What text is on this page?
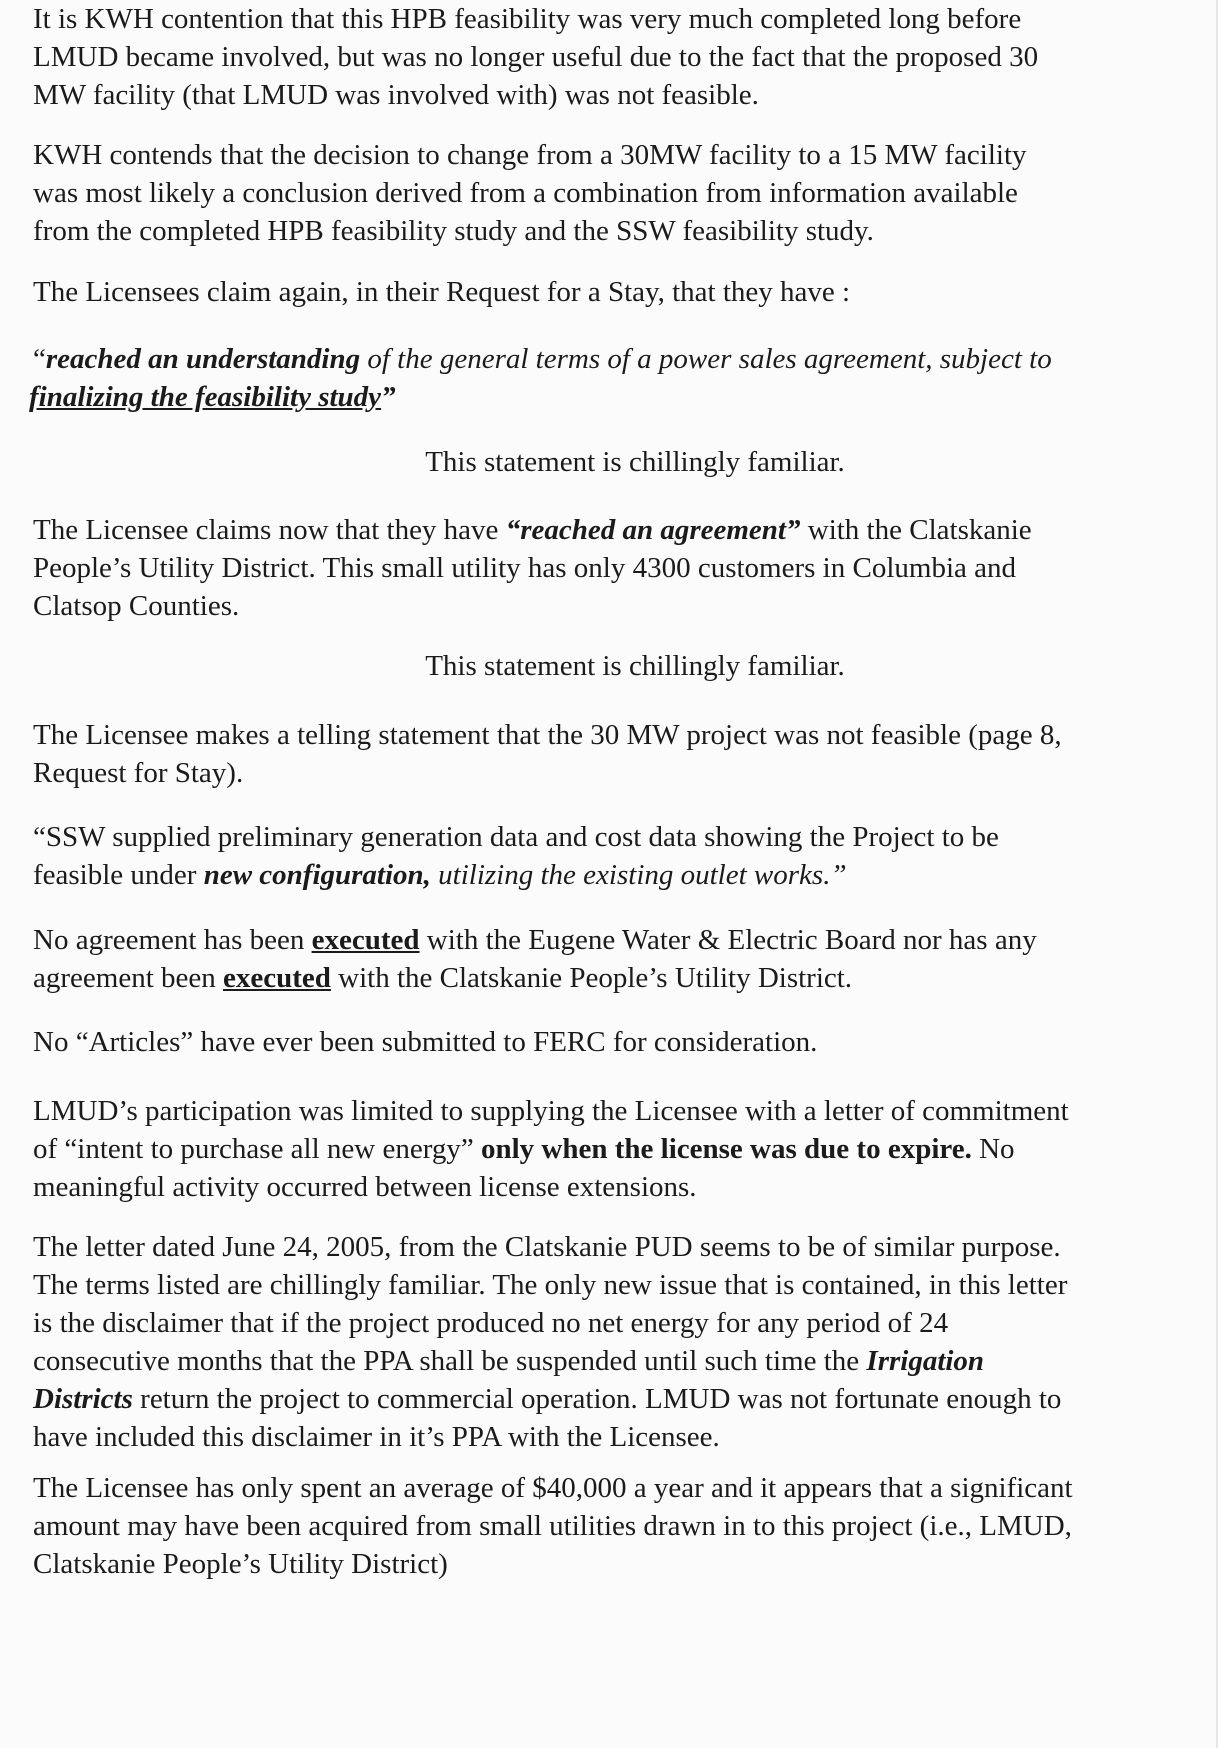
It is KWH contention that this HPB feasibility was very much completed long before
LMUD became involved, but was no longer useful due to the fact that the proposed 30
MW facility (that LMUD was involved with) was not feasible.
KWH contends that the decision to change from a 30MW facility to a 15 MW facility
was most likely a conclusion derived from a combination from information available
from the completed HPB feasibility study and the SSW feasibility study.
The Licensees claim again, in their Request for a Stay, that they have :
“reached an understanding of the general terms of a power sales agreement, subject to
finalizing the feasibility study”
This statement is chillingly familiar.
The Licensee claims now that they have “reached an agreement” with the Clatskanie
People’s Utility District. This small utility has only 4300 customers in Columbia and
Clatsop Counties.
This statement is chillingly familiar.
The Licensee makes a telling statement that the 30 MW project was not feasible (page 8,
Request for Stay).
“SSW supplied preliminary generation data and cost data showing the Project to be
feasible under new configuration, utilizing the existing outlet works.”
No agreement has been executed with the Eugene Water & Electric Board nor has any
agreement been executed with the Clatskanie People’s Utility District.
No “Articles” have ever been submitted to FERC for consideration.
LMUD’s participation was limited to supplying the Licensee with a letter of commitment
of “intent to purchase all new energy” only when the license was due to expire. No
meaningful activity occurred between license extensions.
The letter dated June 24, 2005, from the Clatskanie PUD seems to be of similar purpose.
The terms listed are chillingly familiar. The only new issue that is contained, in this letter
is the disclaimer that if the project produced no net energy for any period of 24
consecutive months that the PPA shall be suspended until such time the Irrigation
Districts return the project to commercial operation. LMUD was not fortunate enough to
have included this disclaimer in it’s PPA with the Licensee.
The Licensee has only spent an average of $40,000 a year and it appears that a significant
amount may have been acquired from small utilities drawn in to this project (i.e., LMUD,
Clatskanie People’s Utility District)
